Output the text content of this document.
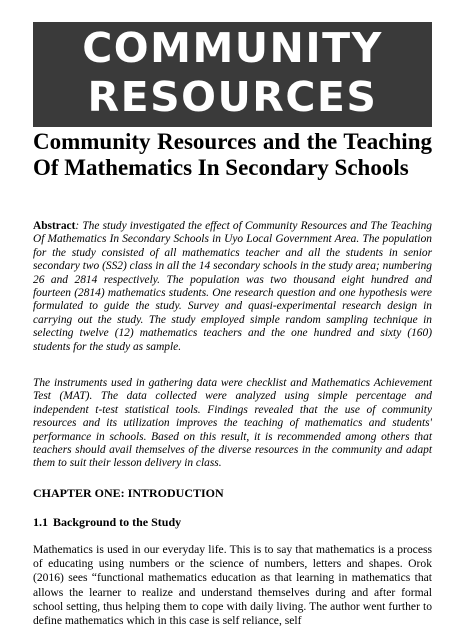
COMMUNITY
RESOURCES
Community Resources and the Teaching Of Mathematics In Secondary Schools

Abstract: The study investigated the effect of Community Resources and The Teaching Of Mathematics In Secondary Schools in Uyo Local Government Area. The population for the study consisted of all mathematics teacher and all the students in senior secondary two (SS2) class in all the 14 secondary schools in the study area; numbering 26 and 2814 respectively. The population was two thousand eight hundred and fourteen (2814) mathematics students. One research question and one hypothesis were formulated to guide the study. Survey and quasi-experimental research design in carrying out the study. The study employed simple random sampling technique in selecting twelve (12) mathematics teachers and the one hundred and sixty (160) students for the study as sample.

The instruments used in gathering data were checklist and Mathematics Achievement Test (MAT). The data collected were analyzed using simple percentage and independent t-test statistical tools. Findings revealed that the use of community resources and its utilization improves the teaching of mathematics and students' performance in schools. Based on this result, it is recommended among others that teachers should avail themselves of the diverse resources in the community and adapt them to suit their lesson delivery in class.

CHAPTER ONE: INTRODUCTION
1.1 Background to the Study

Mathematics is used in our everyday life. This is to say that mathematics is a process of educating using numbers or the science of numbers, letters and shapes. Orok (2016) sees “functional mathematics education as that learning in mathematics that allows the learner to realize and understand themselves during and after formal school setting, thus helping them to cope with daily living. The author went further to define mathematics which in this case is self reliance, self
